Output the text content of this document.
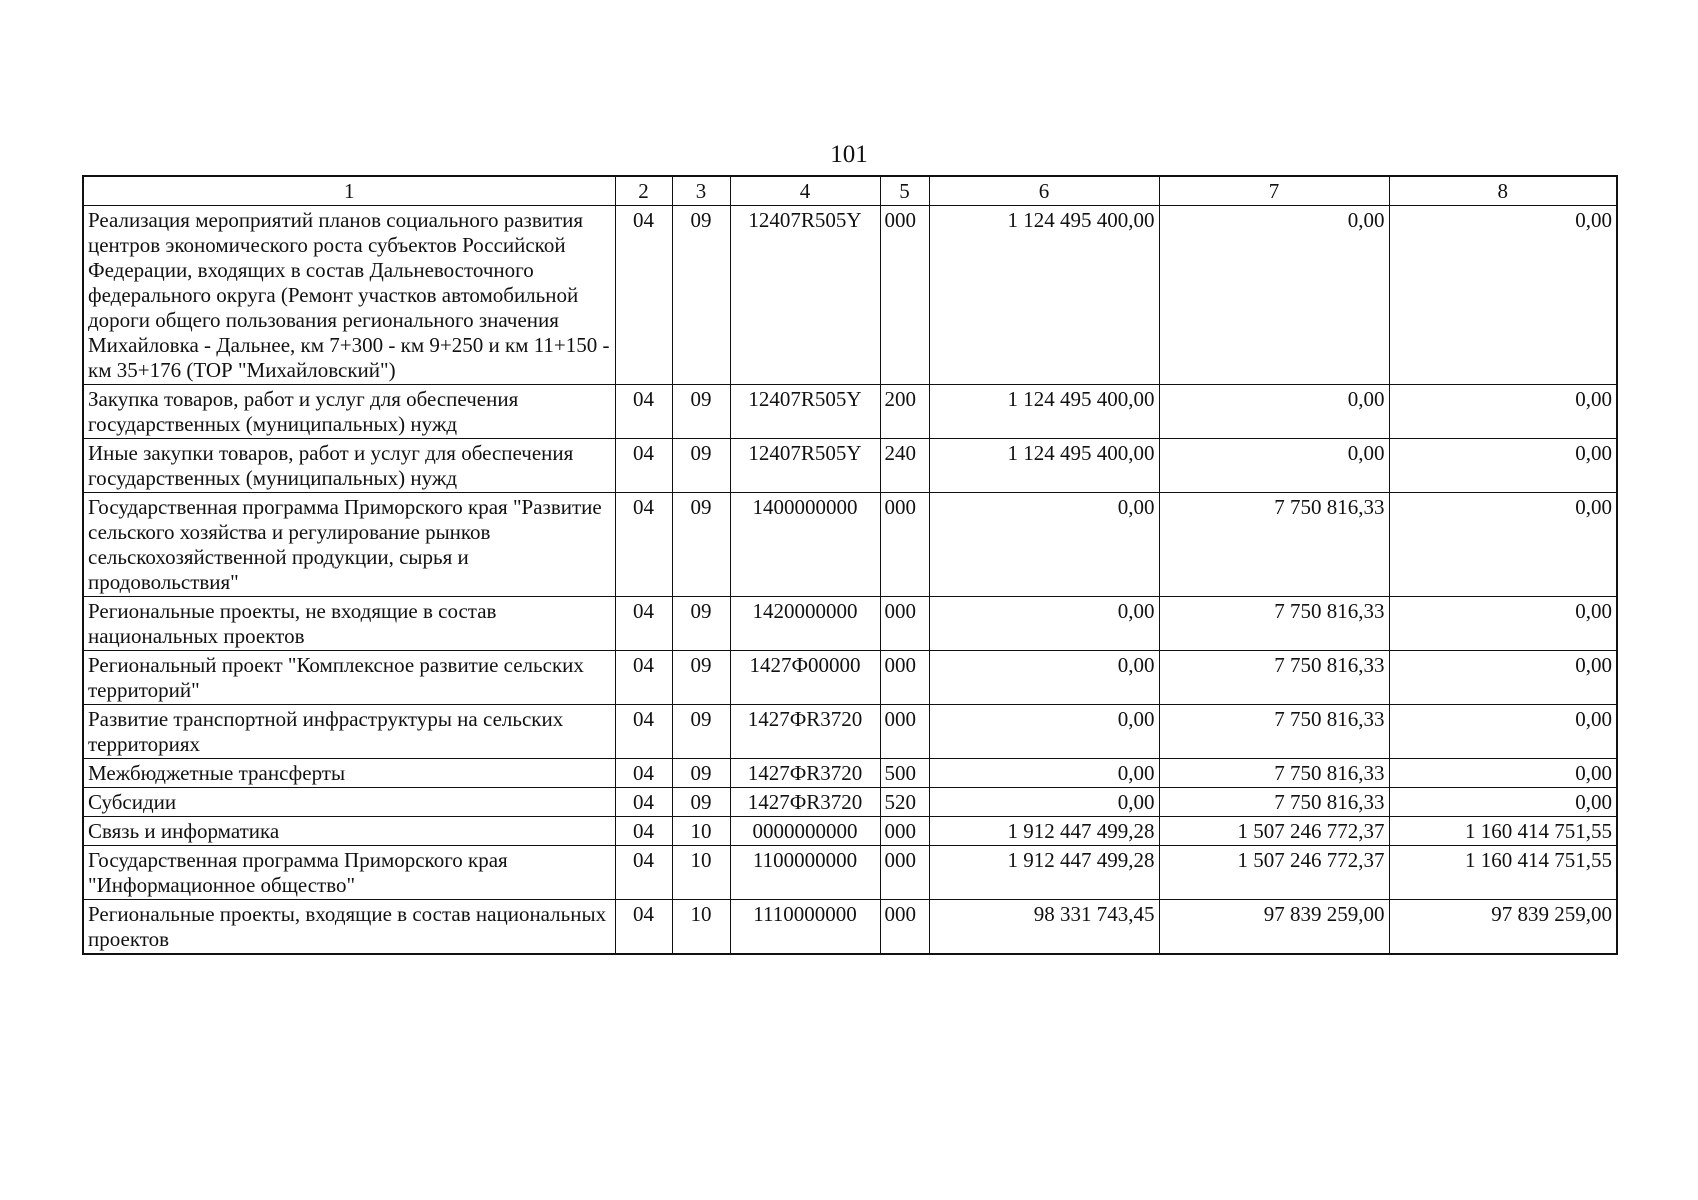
101
1	2	3	4	5	6	7	8
Реализация мероприятий планов социального развития центров экономического роста субъектов Российской Федерации, входящих в состав Дальневосточного федерального округа (Ремонт участков автомобильной дороги общего пользования регионального значения Михайловка - Дальнее, км 7+300 - км 9+250 и км 11+150 - км 35+176 (ТОР "Михайловский")	04	09	12407R505Y	000	1 124 495 400,00	0,00	0,00
Закупка товаров, работ и услуг для обеспечения государственных (муниципальных) нужд	04	09	12407R505Y	200	1 124 495 400,00	0,00	0,00
Иные закупки товаров, работ и услуг для обеспечения государственных (муниципальных) нужд	04	09	12407R505Y	240	1 124 495 400,00	0,00	0,00
Государственная программа Приморского края "Развитие сельского хозяйства и регулирование рынков сельскохозяйственной продукции, сырья и продовольствия"	04	09	1400000000	000	0,00	7 750 816,33	0,00
Региональные проекты, не входящие в состав национальных проектов	04	09	1420000000	000	0,00	7 750 816,33	0,00
Региональный проект "Комплексное развитие сельских территорий"	04	09	1427Ф00000	000	0,00	7 750 816,33	0,00
Развитие транспортной инфраструктуры на сельских территориях	04	09	1427ФR3720	000	0,00	7 750 816,33	0,00
Межбюджетные трансферты	04	09	1427ФR3720	500	0,00	7 750 816,33	0,00
Субсидии	04	09	1427ФR3720	520	0,00	7 750 816,33	0,00
Связь и информатика	04	10	0000000000	000	1 912 447 499,28	1 507 246 772,37	1 160 414 751,55
Государственная программа Приморского края "Информационное общество"	04	10	1100000000	000	1 912 447 499,28	1 507 246 772,37	1 160 414 751,55
Региональные проекты, входящие в состав национальных проектов	04	10	1110000000	000	98 331 743,45	97 839 259,00	97 839 259,00
